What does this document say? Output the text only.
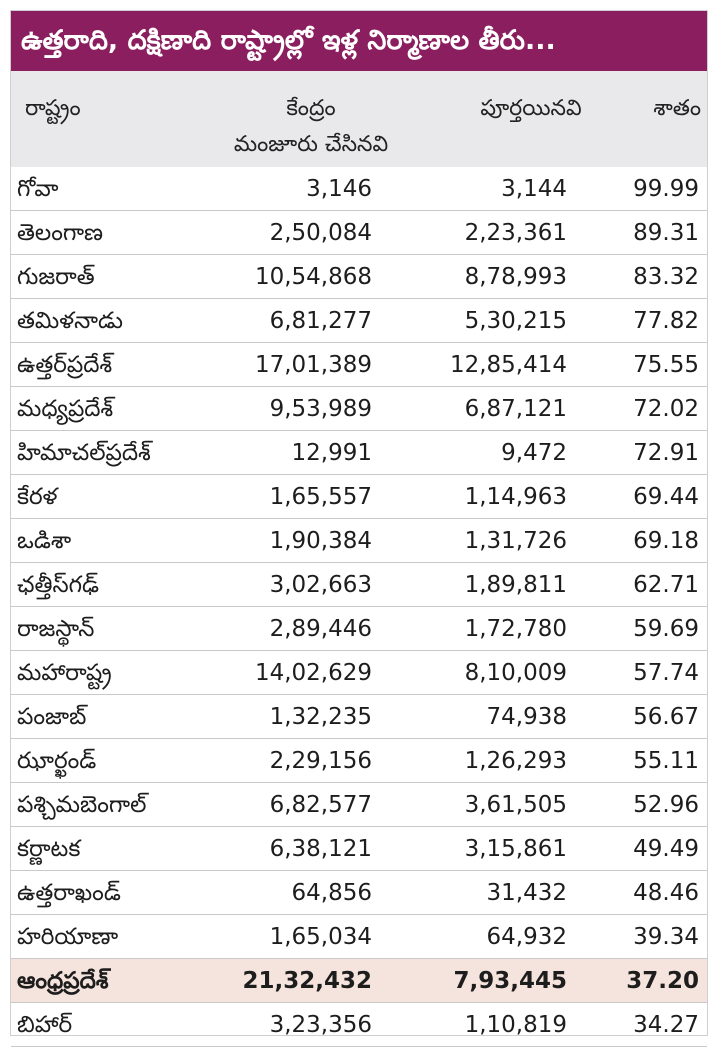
ఉత్తరాది, దక్షిణాది రాష్ట్రాల్లో ఇళ్ల నిర్మాణాల తీరు...
రాష్ట్రం	కేంద్రం
మంజూరు చేసినవి
పూర్తయినవి	శాతం
గోవా	3,146	3,144	99.99
తెలంగాణ	2,50,084	2,23,361	89.31
గుజరాత్	10,54,868	8,78,993	83.32
తమిళనాడు	6,81,277	5,30,215	77.82
ఉత్తర్‌ప్రదేశ్	17,01,389	12,85,414	75.55
మధ్యప్రదేశ్	9,53,989	6,87,121	72.02
హిమాచల్‌ప్రదేశ్	12,991	9,472	72.91
కేరళ	1,65,557	1,14,963	69.44
ఒడిశా	1,90,384	1,31,726	69.18
ఛత్తీస్‌గఢ్	3,02,663	1,89,811	62.71
రాజస్థాన్	2,89,446	1,72,780	59.69
మహారాష్ట్ర	14,02,629	8,10,009	57.74
పంజాబ్	1,32,235	74,938	56.67
ఝార్ఖండ్	2,29,156	1,26,293	55.11
పశ్చిమబెంగాల్	6,82,577	3,61,505	52.96
కర్ణాటక	6,38,121	3,15,861	49.49
ఉత్తరాఖండ్	64,856	31,432	48.46
హరియాణా	1,65,034	64,932	39.34
ఆంధ్రప్రదేశ్	21,32,432	7,93,445	37.20
బిహార్	3,23,356	1,10,819	34.27
